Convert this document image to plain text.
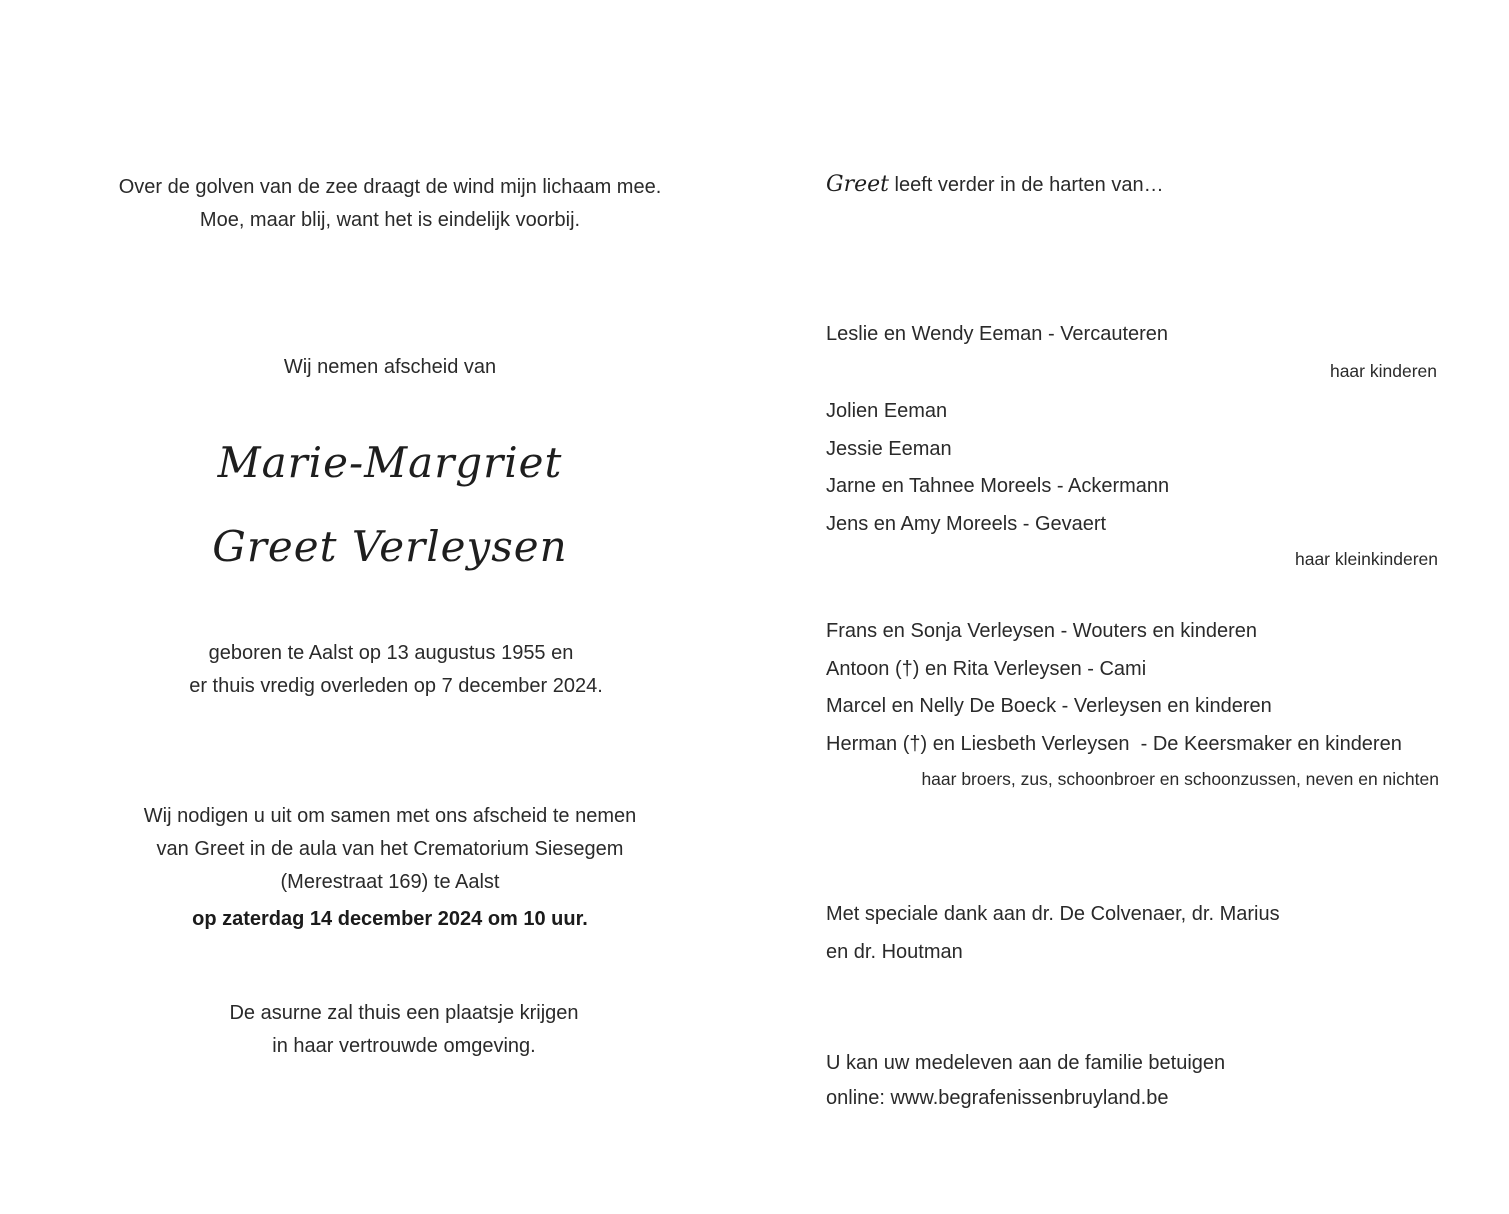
Over de golven van de zee draagt de wind mijn lichaam mee.
Moe, maar blij, want het is eindelijk voorbij.
Wij nemen afscheid van
Marie-Margriet
Greet Verleysen
geboren te Aalst op 13 augustus 1955 en
er thuis vredig overleden op 7 december 2024.
Wij nodigen u uit om samen met ons afscheid te nemen
van Greet in de aula van het Crematorium Siesegem
(Merestraat 169) te Aalst
op zaterdag 14 december 2024 om 10 uur.
De asurne zal thuis een plaatsje krijgen
in haar vertrouwde omgeving.
Greet leeft verder in de harten van…
Leslie en Wendy Eeman - Vercauteren
haar kinderen
Jolien Eeman
Jessie Eeman
Jarne en Tahnee Moreels - Ackermann
Jens en Amy Moreels - Gevaert
haar kleinkinderen
Frans en Sonja Verleysen - Wouters en kinderen
Antoon (†) en Rita Verleysen - Cami
Marcel en Nelly De Boeck - Verleysen en kinderen
Herman (†) en Liesbeth Verleysen  - De Keersmaker en kinderen
haar broers, zus, schoonbroer en schoonzussen, neven en nichten
Met speciale dank aan dr. De Colvenaer, dr. Marius
en dr. Houtman
U kan uw medeleven aan de familie betuigen
online: www.begrafenissenbruyland.be
